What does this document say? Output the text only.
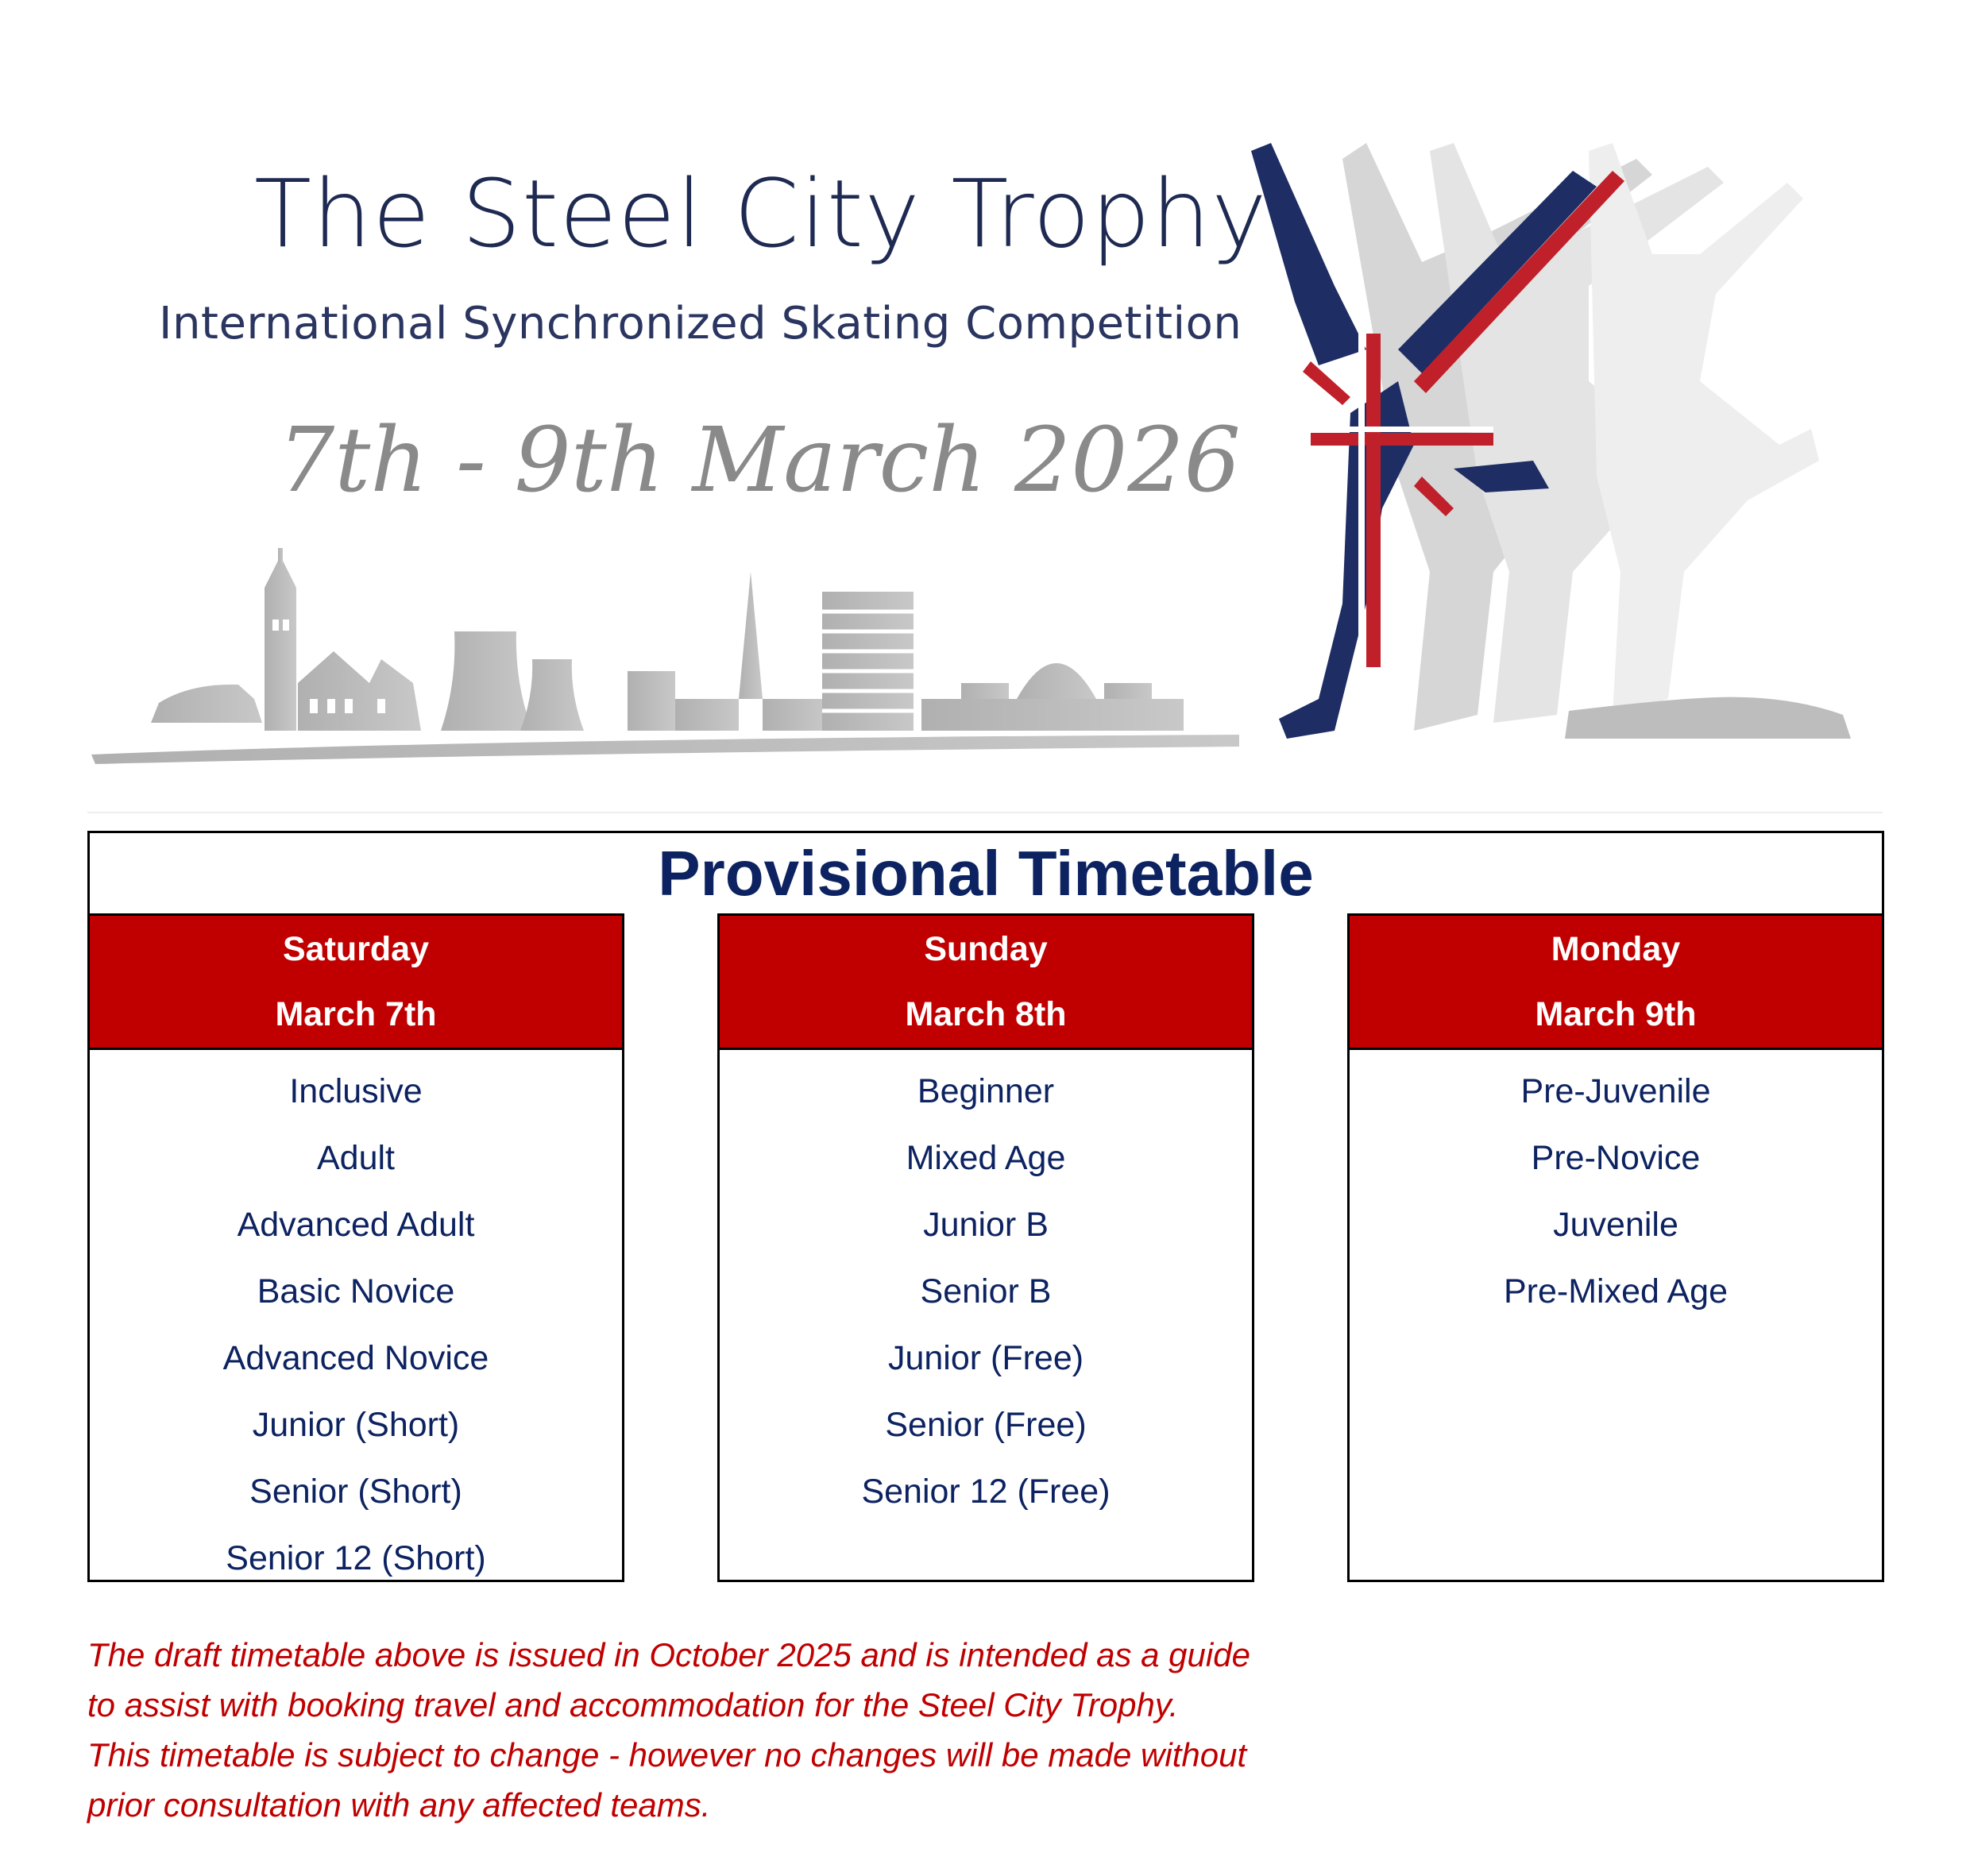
The Steel City Trophy
International Synchronized Skating Competition
7th - 9th March 2026
Provisional Timetable
Saturday
March 7th
Inclusive
Adult
Advanced Adult
Basic Novice
Advanced Novice
Junior (Short)
Senior (Short)
Senior 12 (Short)
Sunday
March 8th
Beginner
Mixed Age
Junior B
Senior B
Junior (Free)
Senior (Free)
Senior 12 (Free)
Monday
March 9th
Pre-Juvenile
Pre-Novice
Juvenile
Pre-Mixed Age
The draft timetable above is issued in October 2025 and is intended as a guide
to assist with booking travel and accommodation for the Steel City Trophy.
This timetable is subject to change - however no changes will be made without
prior consultation with any affected teams.
